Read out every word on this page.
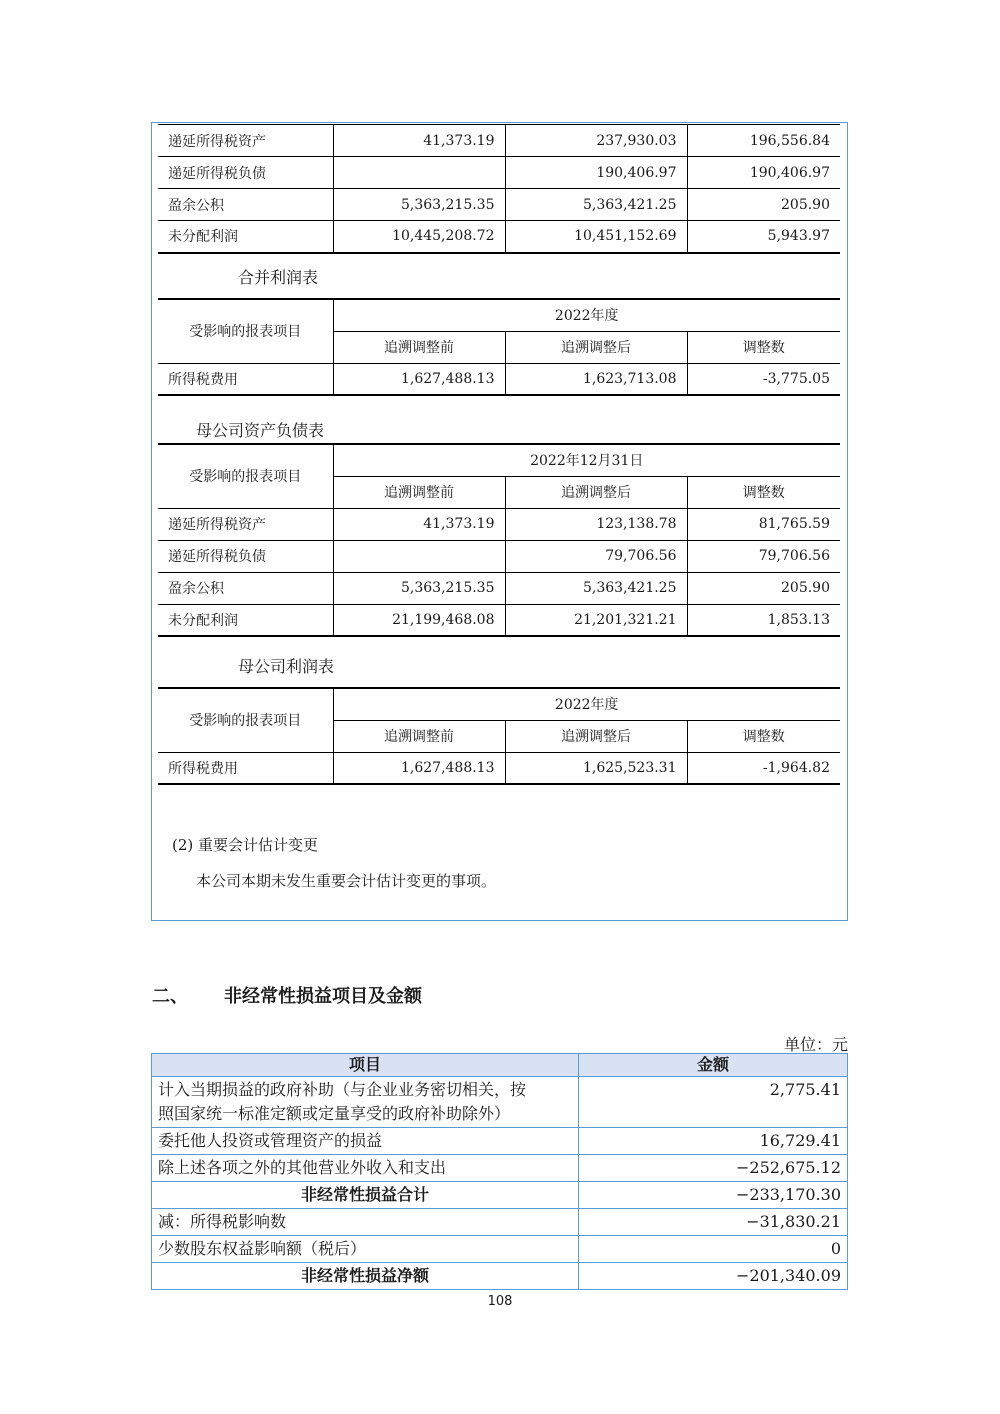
递延所得税资产	41,373.19	237,930.03	196,556.84
递延所得税负债		190,406.97	190,406.97
盈余公积	5,363,215.35	5,363,421.25	205.90
未分配利润	10,445,208.72	10,451,152.69	5,943.97
合并利润表
受影响的报表项目	2022年度		
	追溯调整前	追溯调整后	调整数
所得税费用	1,627,488.13	1,623,713.08	-3,775.05
母公司资产负债表
受影响的报表项目	2022年12月31日		
	追溯调整前	追溯调整后	调整数
递延所得税资产	41,373.19	123,138.78	81,765.59
递延所得税负债		79,706.56	79,706.56
盈余公积	5,363,215.35	5,363,421.25	205.90
未分配利润	21,199,468.08	21,201,321.21	1,853.13
母公司利润表
受影响的报表项目	2022年度		
	追溯调整前	追溯调整后	调整数
所得税费用	1,627,488.13	1,625,523.31	-1,964.82
(2) 重要会计估计变更
本公司本期未发生重要会计估计变更的事项。
二、 非经常性损益项目及金额
单位：元
项目	金额

计入当期损益的政府补助（与企业业务密切相关，按
照国家统一标准定额或定量享受的政府补助除外）	2,775.41
委托他人投资或管理资产的损益	16,729.41
除上述各项之外的其他营业外收入和支出	−252,675.12
非经常性损益合计	−233,170.30
减：所得税影响数	−31,830.21
少数股东权益影响额（税后）	0
非经常性损益净额	−201,340.09
108
